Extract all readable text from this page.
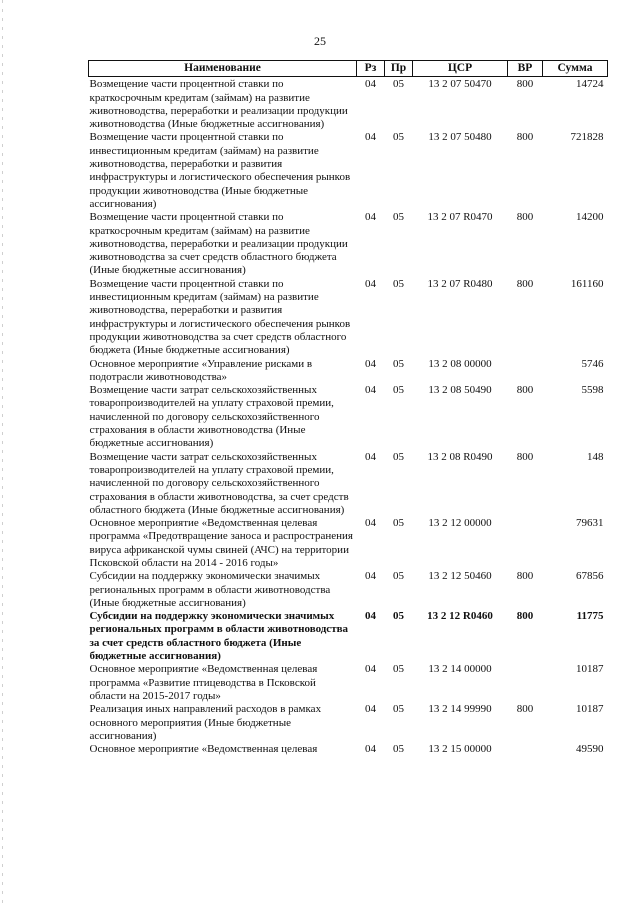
25
Наименование	Рз	Пр	ЦСР	ВР	Сумма
Возмещение части процентной ставки по краткосрочным кредитам (займам) на развитие животноводства, переработки и реализации продукции животноводства (Иные бюджетные ассигнования)	04	05	13 2 07 50470	800	14724
Возмещение части процентной ставки по инвестиционным кредитам (займам) на развитие животноводства, переработки и развития инфраструктуры и логистического обеспечения рынков продукции животноводства (Иные бюджетные ассигнования)	04	05	13 2 07 50480	800	721828
Возмещение части процентной ставки по краткосрочным кредитам (займам) на развитие животноводства, переработки и реализации продукции животноводства за счет средств областного бюджета (Иные бюджетные ассигнования)	04	05	13 2 07 R0470	800	14200
Возмещение части процентной ставки по инвестиционным кредитам (займам) на развитие животноводства, переработки и развития инфраструктуры и логистического обеспечения рынков продукции животноводства за счет средств областного бюджета (Иные бюджетные ассигнования)	04	05	13 2 07 R0480	800	161160
Основное мероприятие «Управление рисками в подотрасли животноводства»	04	05	13 2 08 00000		5746
Возмещение части затрат сельскохозяйственных товаропроизводителей на уплату страховой премии, начисленной по договору сельскохозяйственного страхования в области животноводства (Иные бюджетные ассигнования)	04	05	13 2 08 50490	800	5598
Возмещение части затрат сельскохозяйственных товаропроизводителей на уплату страховой премии, начисленной по договору сельскохозяйственного страхования в области животноводства, за счет средств областного бюджета (Иные бюджетные ассигнования)	04	05	13 2 08 R0490	800	148
Основное мероприятие «Ведомственная целевая программа «Предотвращение заноса и распространения вируса африканской чумы свиней (АЧС) на территории Псковской области на 2014 - 2016 годы»	04	05	13 2 12 00000		79631
Субсидии на поддержку экономически значимых региональных программ в области животноводства (Иные бюджетные ассигнования)	04	05	13 2 12 50460	800	67856
Субсидии на поддержку экономически значимых региональных программ в области животноводства за счет средств областного бюджета (Иные бюджетные ассигнования)	04	05	13 2 12 R0460	800	11775
Основное мероприятие «Ведомственная целевая программа «Развитие птицеводства в Псковской области на 2015-2017 годы»	04	05	13 2 14 00000		10187
Реализация иных направлений расходов в рамках основного мероприятия (Иные бюджетные ассигнования)	04	05	13 2 14 99990	800	10187
Основное мероприятие «Ведомственная целевая	04	05	13 2 15 00000		49590
